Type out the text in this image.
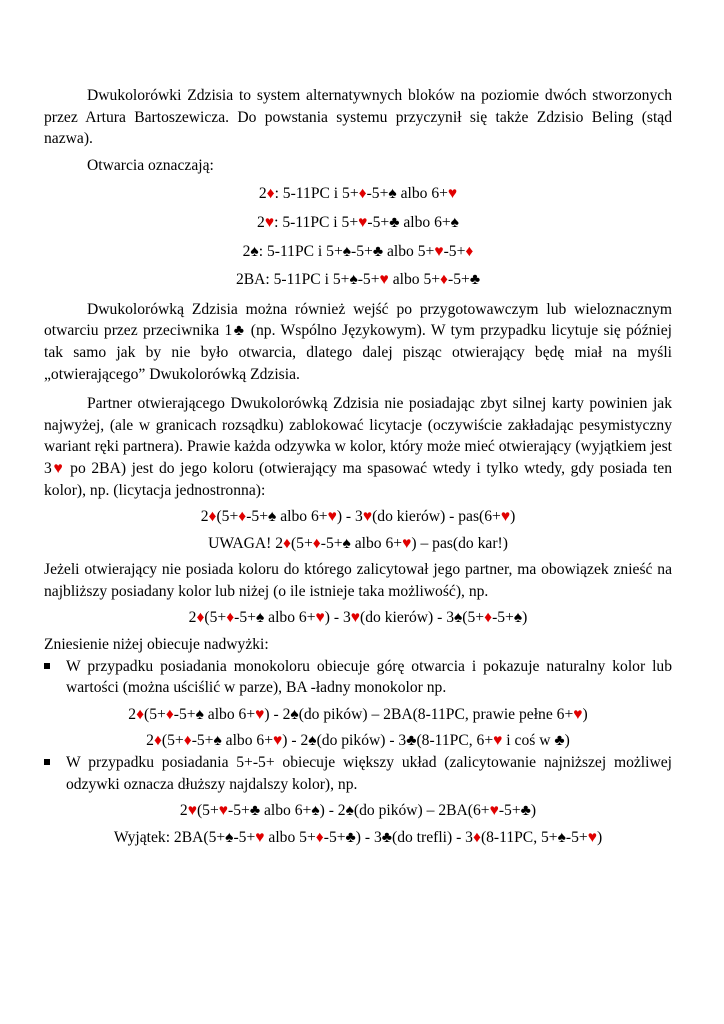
Dwukolorówki Zdzisia to system alternatywnych bloków na poziomie dwóch stworzonych przez Artura Bartoszewicza. Do powstania systemu przyczynił się także Zdzisio Beling (stąd nazwa).

Otwarcia oznaczają:

2♦: 5-11PC i 5+♦-5+♠ albo 6+♥

2♥: 5-11PC i 5+♥-5+♣ albo 6+♠

2♠: 5-11PC i 5+♠-5+♣ albo 5+♥-5+♦

2BA: 5-11PC i 5+♠-5+♥ albo 5+♦-5+♣

Dwukolorówką Zdzisia można również wejść po przygotowawczym lub wieloznacznym otwarciu przez przeciwnika 1♣ (np. Wspólno Językowym). W tym przypadku licytuje się później tak samo jak by nie było otwarcia, dlatego dalej pisząc otwierający będę miał na myśli „otwierającego” Dwukolorówką Zdzisia.

Partner otwierającego Dwukolorówką Zdzisia nie posiadając zbyt silnej karty powinien jak najwyżej, (ale w granicach rozsądku) zablokować licytacje (oczywiście zakładając pesymistyczny wariant ręki partnera). Prawie każda odzywka w kolor, który może mieć otwierający (wyjątkiem jest 3♥ po 2BA) jest do jego koloru (otwierający ma spasować wtedy i tylko wtedy, gdy posiada ten kolor), np. (licytacja jednostronna):

2♦(5+♦-5+♠ albo 6+♥) - 3♥(do kierów) - pas(6+♥)

UWAGA! 2♦(5+♦-5+♠ albo 6+♥) – pas(do kar!)

Jeżeli otwierający nie posiada koloru do którego zalicytował jego partner, ma obowiązek znieść na najbliższy posiadany kolor lub niżej (o ile istnieje taka możliwość), np.

2♦(5+♦-5+♠ albo 6+♥) - 3♥(do kierów) - 3♠(5+♦-5+♠)

Zniesienie niżej obiecuje nadwyżki:

W przypadku posiadania monokoloru obiecuje górę otwarcia i pokazuje naturalny kolor lub wartości (można uściślić w parze), BA -ładny monokolor np.

2♦(5+♦-5+♠ albo 6+♥) - 2♠(do pików) – 2BA(8-11PC, prawie pełne 6+♥)

2♦(5+♦-5+♠ albo 6+♥) - 2♠(do pików) - 3♣(8-11PC, 6+♥ i coś w ♣)

W przypadku posiadania 5+-5+ obiecuje większy układ (zalicytowanie najniższej możliwej odzywki oznacza dłuższy najdalszy kolor), np.

2♥(5+♥-5+♣ albo 6+♠) - 2♠(do pików) – 2BA(6+♥-5+♣)

Wyjątek: 2BA(5+♠-5+♥ albo 5+♦-5+♣) - 3♣(do trefli) - 3♦(8-11PC, 5+♠-5+♥)
